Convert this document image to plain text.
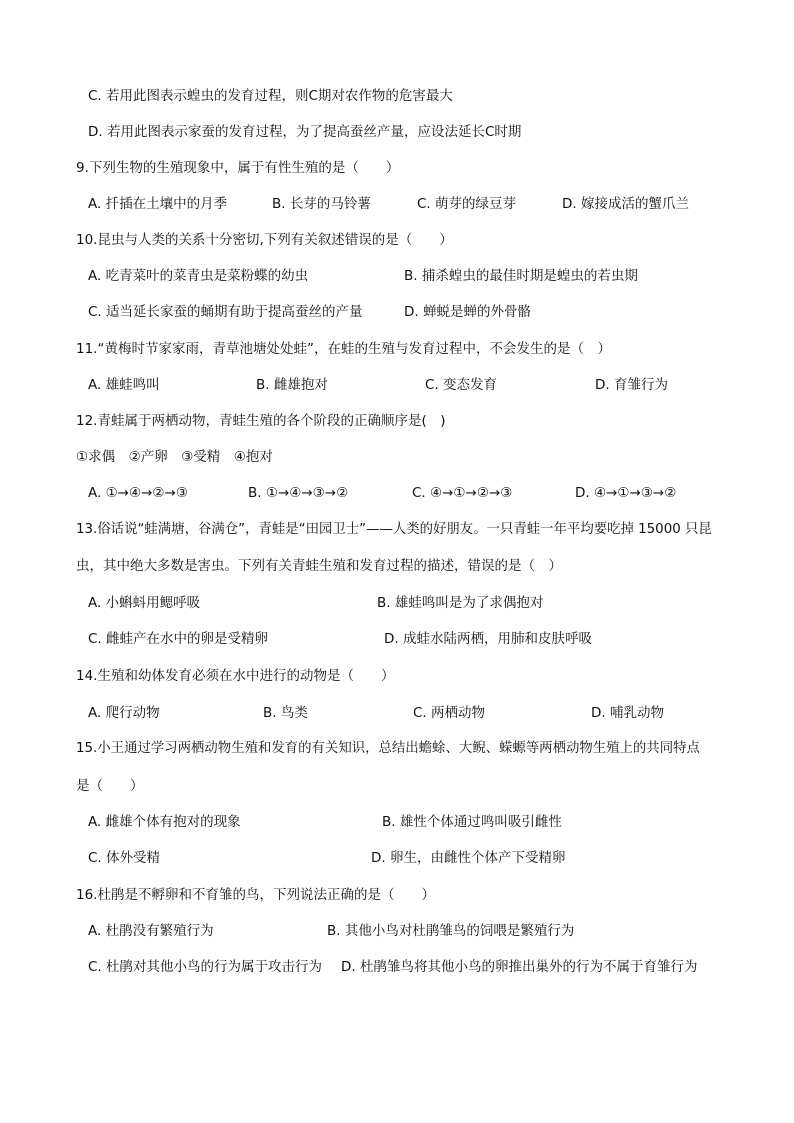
C. 若用此图表示蝗虫的发育过程，则C期对农作物的危害最大
D. 若用此图表示家蚕的发育过程，为了提高蚕丝产量，应设法延长C时期
9.下列生物的生殖现象中，属于有性生殖的是（　　）
A. 扦插在土壤中的月季	B. 长芽的马铃薯	C. 萌芽的绿豆芽	D. 嫁接成活的蟹爪兰
10.昆虫与人类的关系十分密切,下列有关叙述错误的是（　　）
A. 吃青菜叶的菜青虫是菜粉蝶的幼虫	B. 捕杀蝗虫的最佳时期是蝗虫的若虫期
C. 适当延长家蚕的蛹期有助于提高蚕丝的产量	D. 蝉蜕是蝉的外骨骼
11.“黄梅时节家家雨，青草池塘处处蛙”，在蛙的生殖与发育过程中，不会发生的是（　）
A. 雄蛙鸣叫	B. 雌雄抱对	C. 变态发育	D. 育雏行为
12.青蛙属于两栖动物，青蛙生殖的各个阶段的正确顺序是(　)
①求偶　②产卵　③受精　④抱对
A. ①→④→②→③	B. ①→④→③→②	C. ④→①→②→③	D. ④→①→③→②
13.俗话说“蛙满塘，谷满仓”，青蛙是“田园卫士”——人类的好朋友。一只青蛙一年平均要吃掉 15000 只昆
虫，其中绝大多数是害虫。下列有关青蛙生殖和发育过程的描述，错误的是（　）
A. 小蝌蚪用鳃呼吸	B. 雄蛙鸣叫是为了求偶抱对
C. 雌蛙产在水中的卵是受精卵	D. 成蛙水陆两栖，用肺和皮肤呼吸
14.生殖和幼体发育必须在水中进行的动物是（　　）
A. 爬行动物	B. 鸟类	C. 两栖动物	D. 哺乳动物
15.小王通过学习两栖动物生殖和发育的有关知识，总结出蟾蜍、大鲵、蝾螈等两栖动物生殖上的共同特点
是（　　）
A. 雌雄个体有抱对的现象	B. 雄性个体通过鸣叫吸引雌性
C. 体外受精	D. 卵生，由雌性个体产下受精卵
16.杜鹃是不孵卵和不育雏的鸟，下列说法正确的是（　　）
A. 杜鹃没有繁殖行为	B. 其他小鸟对杜鹃雏鸟的饲喂是繁殖行为
C. 杜鹃对其他小鸟的行为属于攻击行为 D. 杜鹃雏鸟将其他小鸟的卵推出巢外的行为不属于育雏行为
